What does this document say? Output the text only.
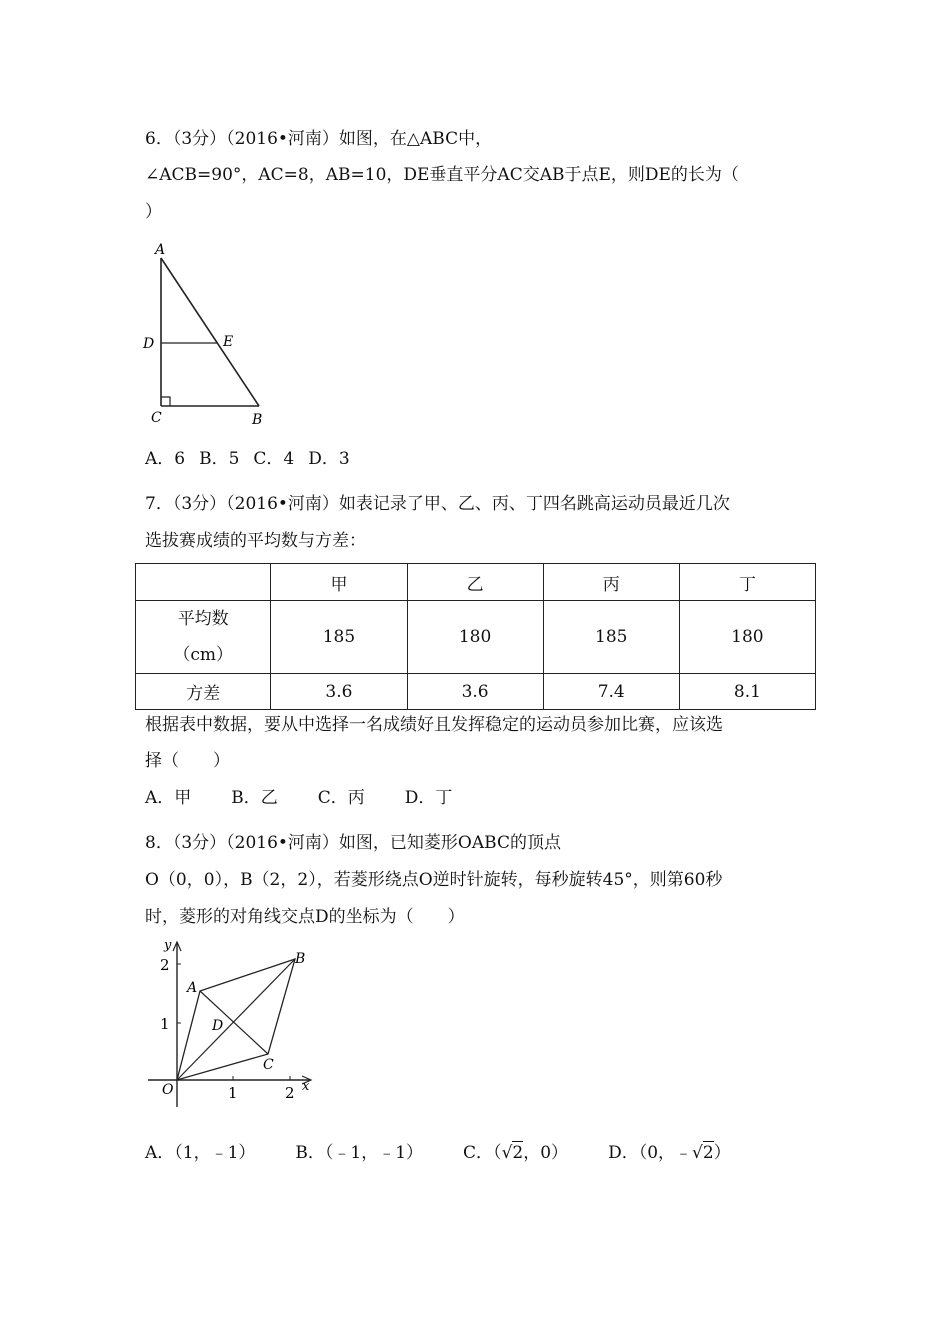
6．（3分）（2016•河南）如图，在△ABC中，
∠ACB=90°，AC=8，AB=10，DE垂直平分AC交AB于点E，则DE的长为（
）
A
D	E
C	B
A．6 B．5 C．4 D．3
7．（3分）（2016•河南）如表记录了甲、乙、丙、丁四名跳高运动员最近几次
选拔赛成绩的平均数与方差：
	甲	乙	丙	丁

平均数
（cm）	185	180	185	180
方差	3.6	3.6	7.4	8.1
根据表中数据，要从中选择一名成绩好且发挥稳定的运动员参加比赛，应该选
择（　　）
A．甲 B．乙 C．丙 D．丁
8．（3分）（2016•河南）如图，已知菱形OABC的顶点
O（0，0），B（2，2），若菱形绕点O逆时针旋转，每秒旋转45°，则第60秒
时，菱形的对角线交点D的坐标为（　　）
y
x
O
A
B
C
D
1	2
1
2
A．（1，﹣1） B．（﹣1，﹣1） C．（√2，0） D．（0，﹣√2）
